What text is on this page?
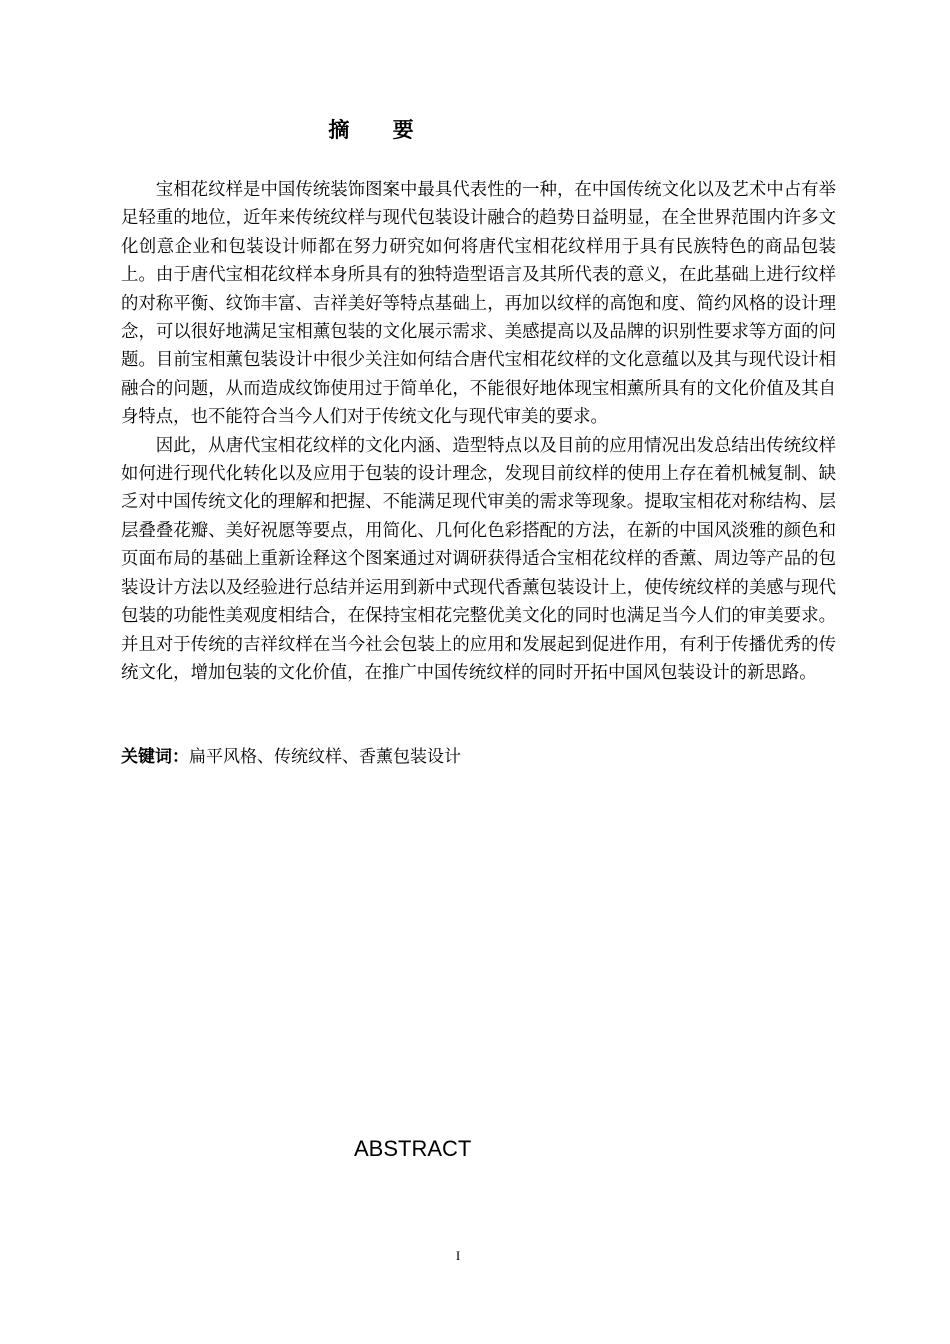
摘 要

宝相花纹样是中国传统装饰图案中最具代表性的一种，在中国传统文化以及艺术中占有举足轻重的地位，近年来传统纹样与现代包装设计融合的趋势日益明显，在全世界范围内许多文化创意企业和包装设计师都在努力研究如何将唐代宝相花纹样用于具有民族特色的商品包装上。由于唐代宝相花纹样本身所具有的独特造型语言及其所代表的意义，在此基础上进行纹样的对称平衡、纹饰丰富、吉祥美好等特点基础上，再加以纹样的高饱和度、简约风格的设计理念，可以很好地满足宝相薰包装的文化展示需求、美感提高以及品牌的识别性要求等方面的问题。目前宝相薰包装设计中很少关注如何结合唐代宝相花纹样的文化意蕴以及其与现代设计相融合的问题，从而造成纹饰使用过于简单化，不能很好地体现宝相薰所具有的文化价值及其自身特点，也不能符合当今人们对于传统文化与现代审美的要求。

因此，从唐代宝相花纹样的文化内涵、造型特点以及目前的应用情况出发总结出传统纹样如何进行现代化转化以及应用于包装的设计理念，发现目前纹样的使用上存在着机械复制、缺乏对中国传统文化的理解和把握、不能满足现代审美的需求等现象。提取宝相花对称结构、层层叠叠花瓣、美好祝愿等要点，用简化、几何化色彩搭配的方法，在新的中国风淡雅的颜色和页面布局的基础上重新诠释这个图案通过对调研获得适合宝相花纹样的香薰、周边等产品的包装设计方法以及经验进行总结并运用到新中式现代香薰包装设计上，使传统纹样的美感与现代包装的功能性美观度相结合，在保持宝相花完整优美文化的同时也满足当今人们的审美要求。并且对于传统的吉祥纹样在当今社会包装上的应用和发展起到促进作用，有利于传播优秀的传统文化，增加包装的文化价值，在推广中国传统纹样的同时开拓中国风包装设计的新思路。

关键词：扁平风格、传统纹样、香薰包装设计
ABSTRACT
I
